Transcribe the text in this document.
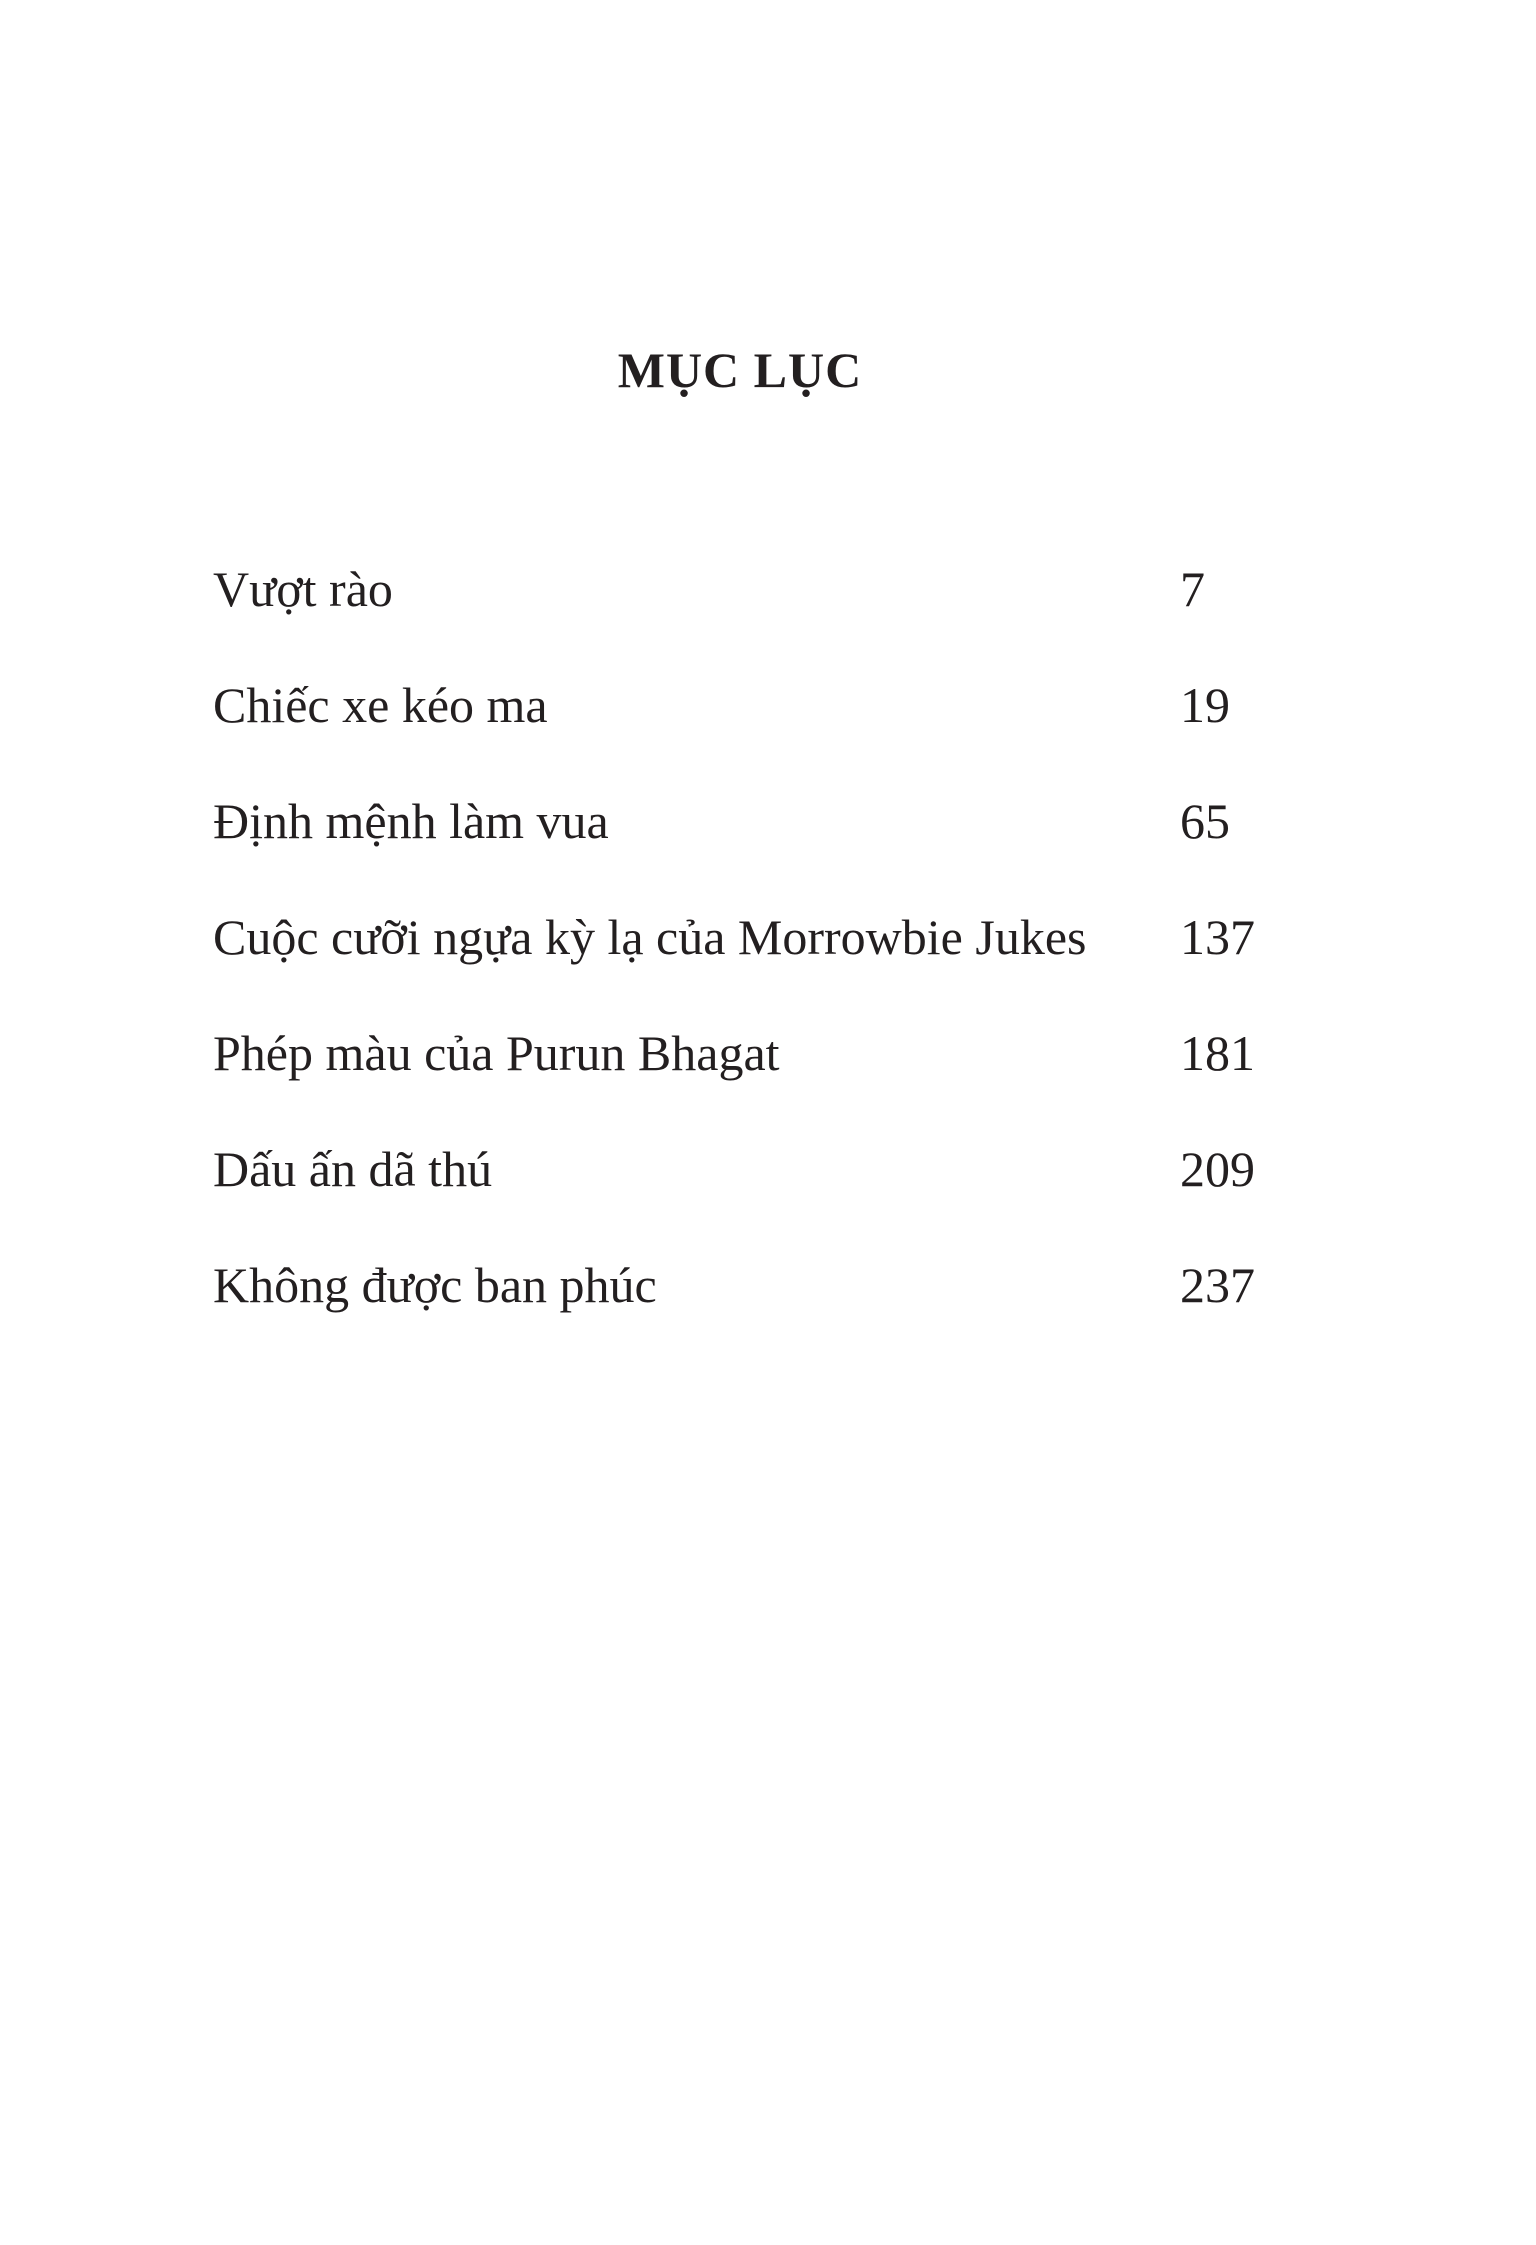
MỤC LỤC
Vượt rào	7
Chiếc xe kéo ma	19
Định mệnh làm vua	65
Cuộc cưỡi ngựa kỳ lạ của Morrowbie Jukes 137
Phép màu của Purun Bhagat	181
Dấu ấn dã thú	209
Không được ban phúc	237
